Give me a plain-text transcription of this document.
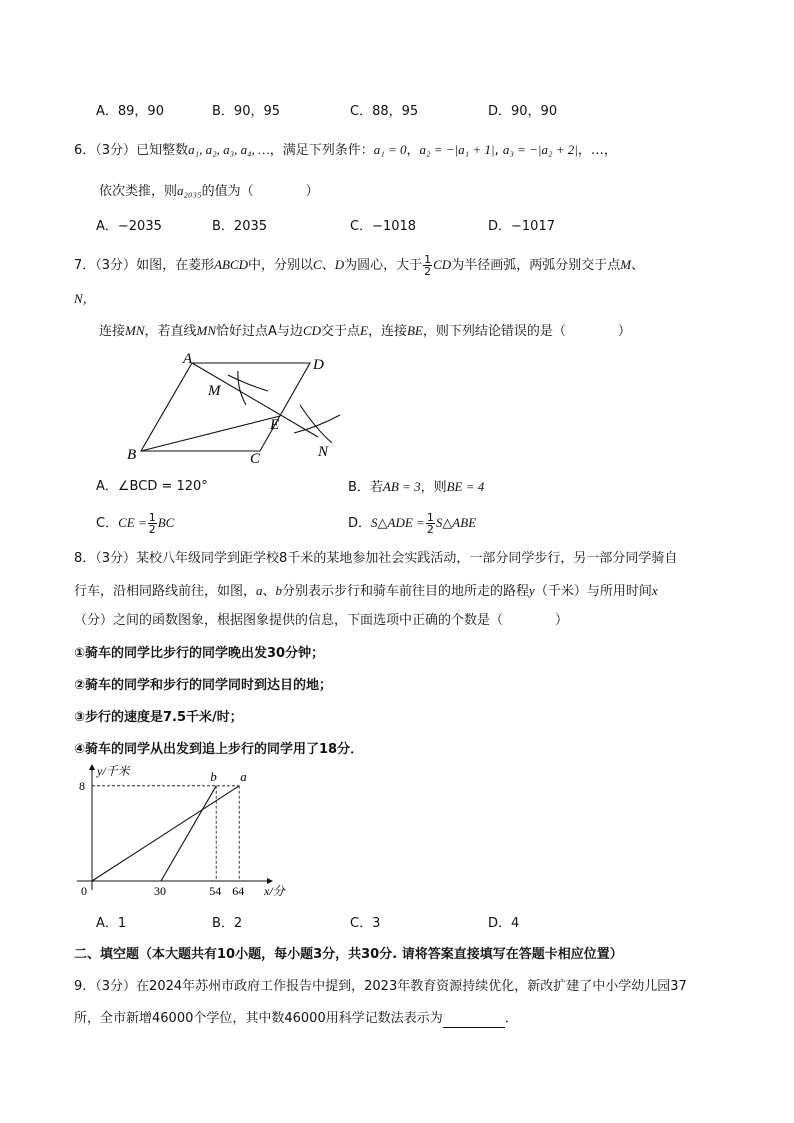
A．89，90	B．90，95	C．88，95	D．90，90
6．（3分）已知整数a₁, a₂, a₃, a₄, …，满足下列条件：a₁ = 0，a₂ = −|a₁ + 1|, a₃ = −|a₂ + 2|，…，
依次类推，则a₂₀₃₅的值为（　　　　）
A．−2035	B．2035	C．−1018	D．−1017
7．（3分）如图，在菱形ABCD中，分别以C、D为圆心，大于 $\frac{1}{2}$ CD为半径画弧，两弧分别交于点M、
N，
连接MN，若直线MN恰好过点A与边CD交于点E，连接BE，则下列结论错误的是（　　　　）
A	D
B	C
E
M
N
A．∠BCD = 120°	B．若AB = 3，则BE = 4
C．CE = $\frac{1}{2}$ BC	D．S△ADE = $\frac{1}{2}$ S△ABE
8．（3分）某校八年级同学到距学校8千米的某地参加社会实践活动，一部分同学步行，另一部分同学骑自
行车，沿相同路线前往，如图，a、b分别表示步行和骑车前往目的地所走的路程y（千米）与所用时间x
（分）之间的函数图象，根据图象提供的信息，下面选项中正确的个数是（　　　　）
①骑车的同学比步行的同学晚出发30分钟；
②骑车的同学和步行的同学同时到达目的地；
③步行的速度是7.5千米/时；
④骑车的同学从出发到追上步行的同学用了18分．
x/分
y/千米	a
b
0	30	54 64
8
A．1	B．2	C．3	D．4
二、填空题（本大题共有10小题，每小题3分，共30分. 请将答案直接填写在答题卡相应位置）
9．（3分）在2024年苏州市政府工作报告中提到，2023年教育资源持续优化，新改扩建了中小学幼儿园37
所，全市新增46000个学位，其中数46000用科学记数法表示为	．
